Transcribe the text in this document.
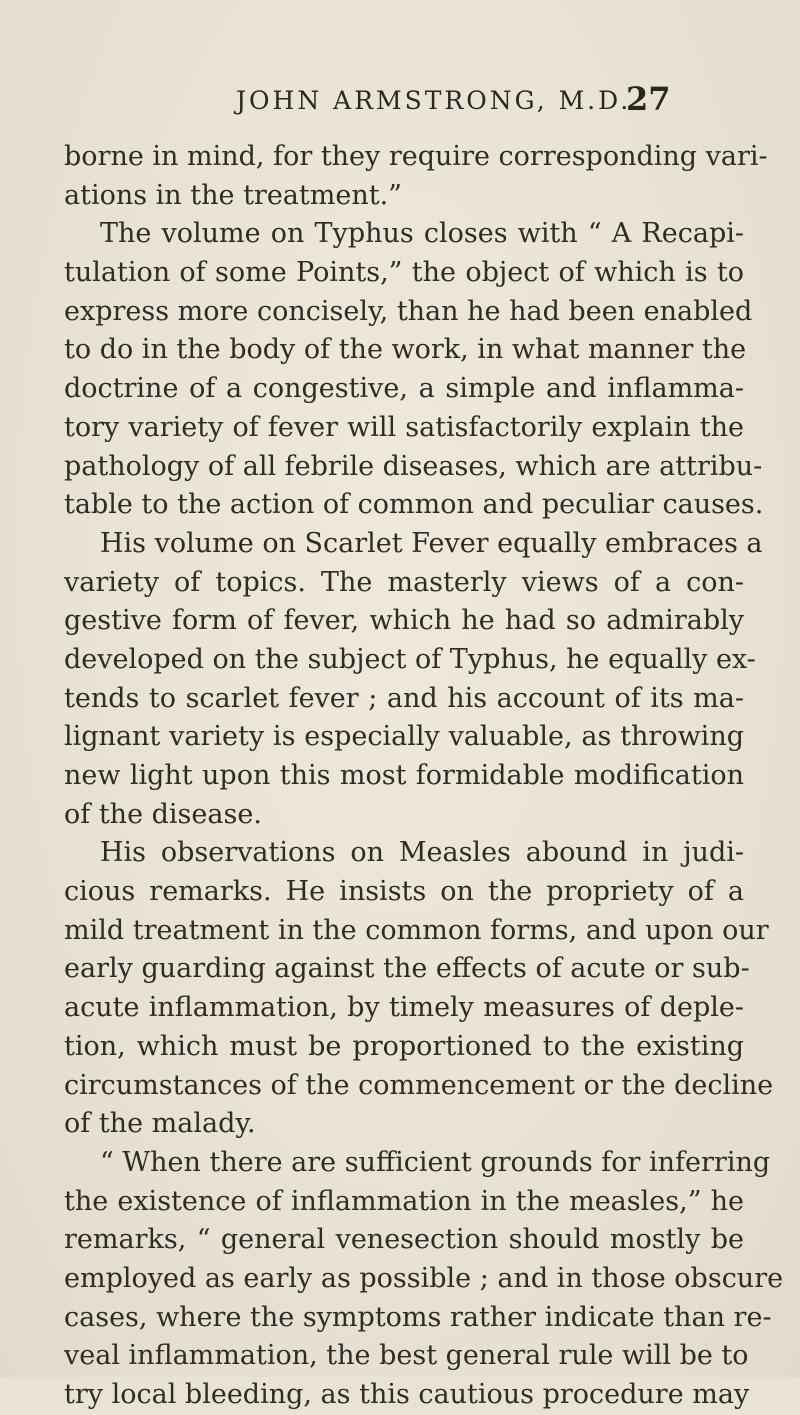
JOHN ARMSTRONG, M.D.
27
borne in mind, for they require corresponding vari-
ations in the treatment.”
The volume on Typhus closes with “ A Recapi-
tulation of some Points,” the object of which is to
express more concisely, than he had been enabled
to do in the body of the work, in what manner the
doctrine of a congestive, a simple and inflamma-
tory variety of fever will satisfactorily explain the
pathology of all febrile diseases, which are attribu-
table to the action of common and peculiar causes.
His volume on Scarlet Fever equally embraces a
variety of topics. The masterly views of a con-
gestive form of fever, which he had so admirably
developed on the subject of Typhus, he equally ex-
tends to scarlet fever ; and his account of its ma-
lignant variety is especially valuable, as throwing
new light upon this most formidable modification
of the disease.
His observations on Measles abound in judi-
cious remarks. He insists on the propriety of a
mild treatment in the common forms, and upon our
early guarding against the effects of acute or sub-
acute inflammation, by timely measures of deple-
tion, which must be proportioned to the existing
circumstances of the commencement or the decline
of the malady.
“ When there are sufficient grounds for inferring
the existence of inflammation in the measles,” he
remarks, “ general venesection should mostly be
employed as early as possible ; and in those obscure
cases, where the symptoms rather indicate than re-
veal inflammation, the best general rule will be to
try local bleeding, as this cautious procedure may
